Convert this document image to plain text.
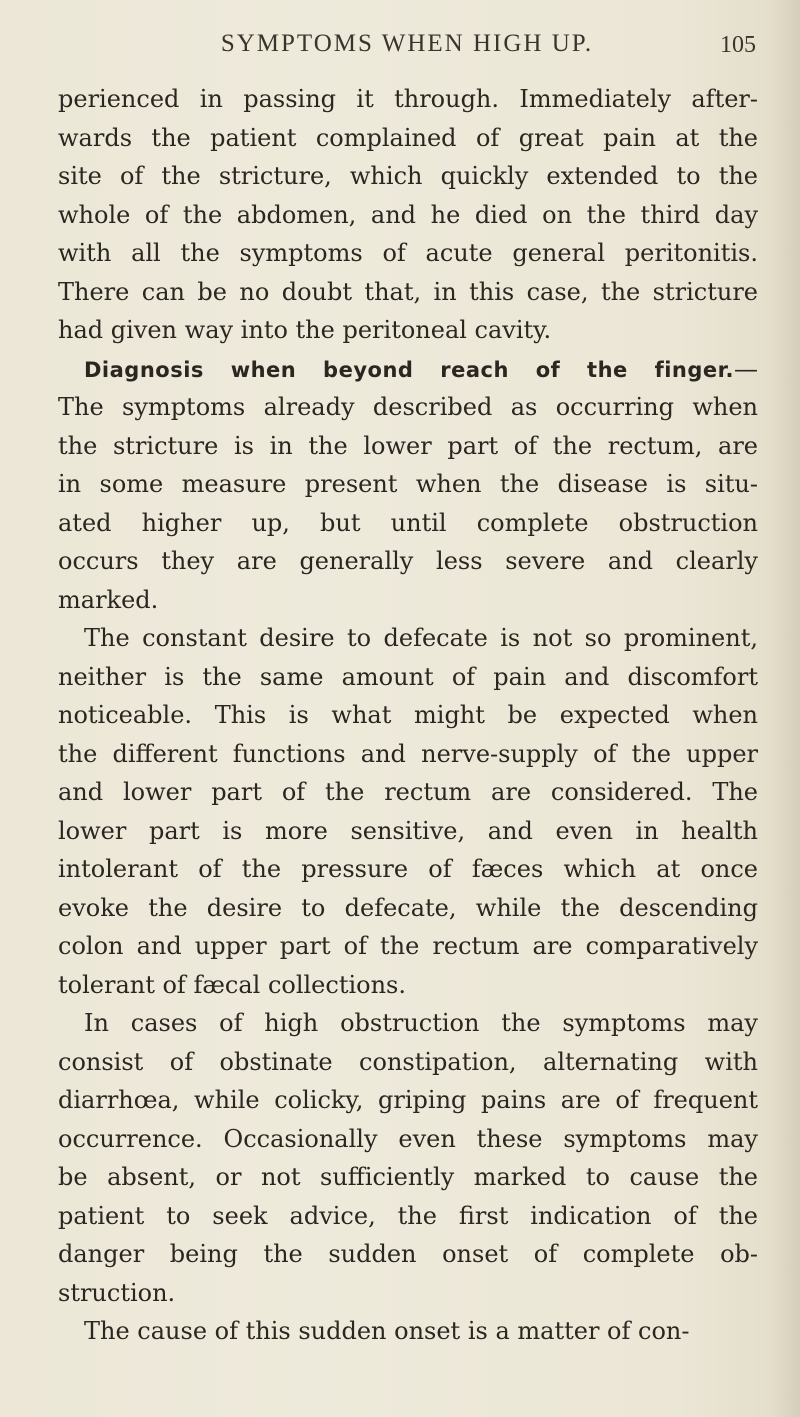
SYMPTOMS WHEN HIGH UP.	105
perienced in passing it through. Immediately after-
wards the patient complained of great pain at the
site of the stricture, which quickly extended to the
whole of the abdomen, and he died on the third day
with all the symptoms of acute general peritonitis.
There can be no doubt that, in this case, the stricture
had given way into the peritoneal cavity.
Diagnosis when beyond reach of the finger.—
The symptoms already described as occurring when
the stricture is in the lower part of the rectum, are
in some measure present when the disease is situ-
ated higher up, but until complete obstruction
occurs they are generally less severe and clearly
marked.
The constant desire to defecate is not so prominent,
neither is the same amount of pain and discomfort
noticeable. This is what might be expected when
the different functions and nerve-supply of the upper
and lower part of the rectum are considered. The
lower part is more sensitive, and even in health
intolerant of the pressure of fæces which at once
evoke the desire to defecate, while the descending
colon and upper part of the rectum are comparatively
tolerant of fæcal collections.
In cases of high obstruction the symptoms may
consist of obstinate constipation, alternating with
diarrhœa, while colicky, griping pains are of frequent
occurrence. Occasionally even these symptoms may
be absent, or not sufficiently marked to cause the
patient to seek advice, the first indication of the
danger being the sudden onset of complete ob-
struction.
The cause of this sudden onset is a matter of con-
